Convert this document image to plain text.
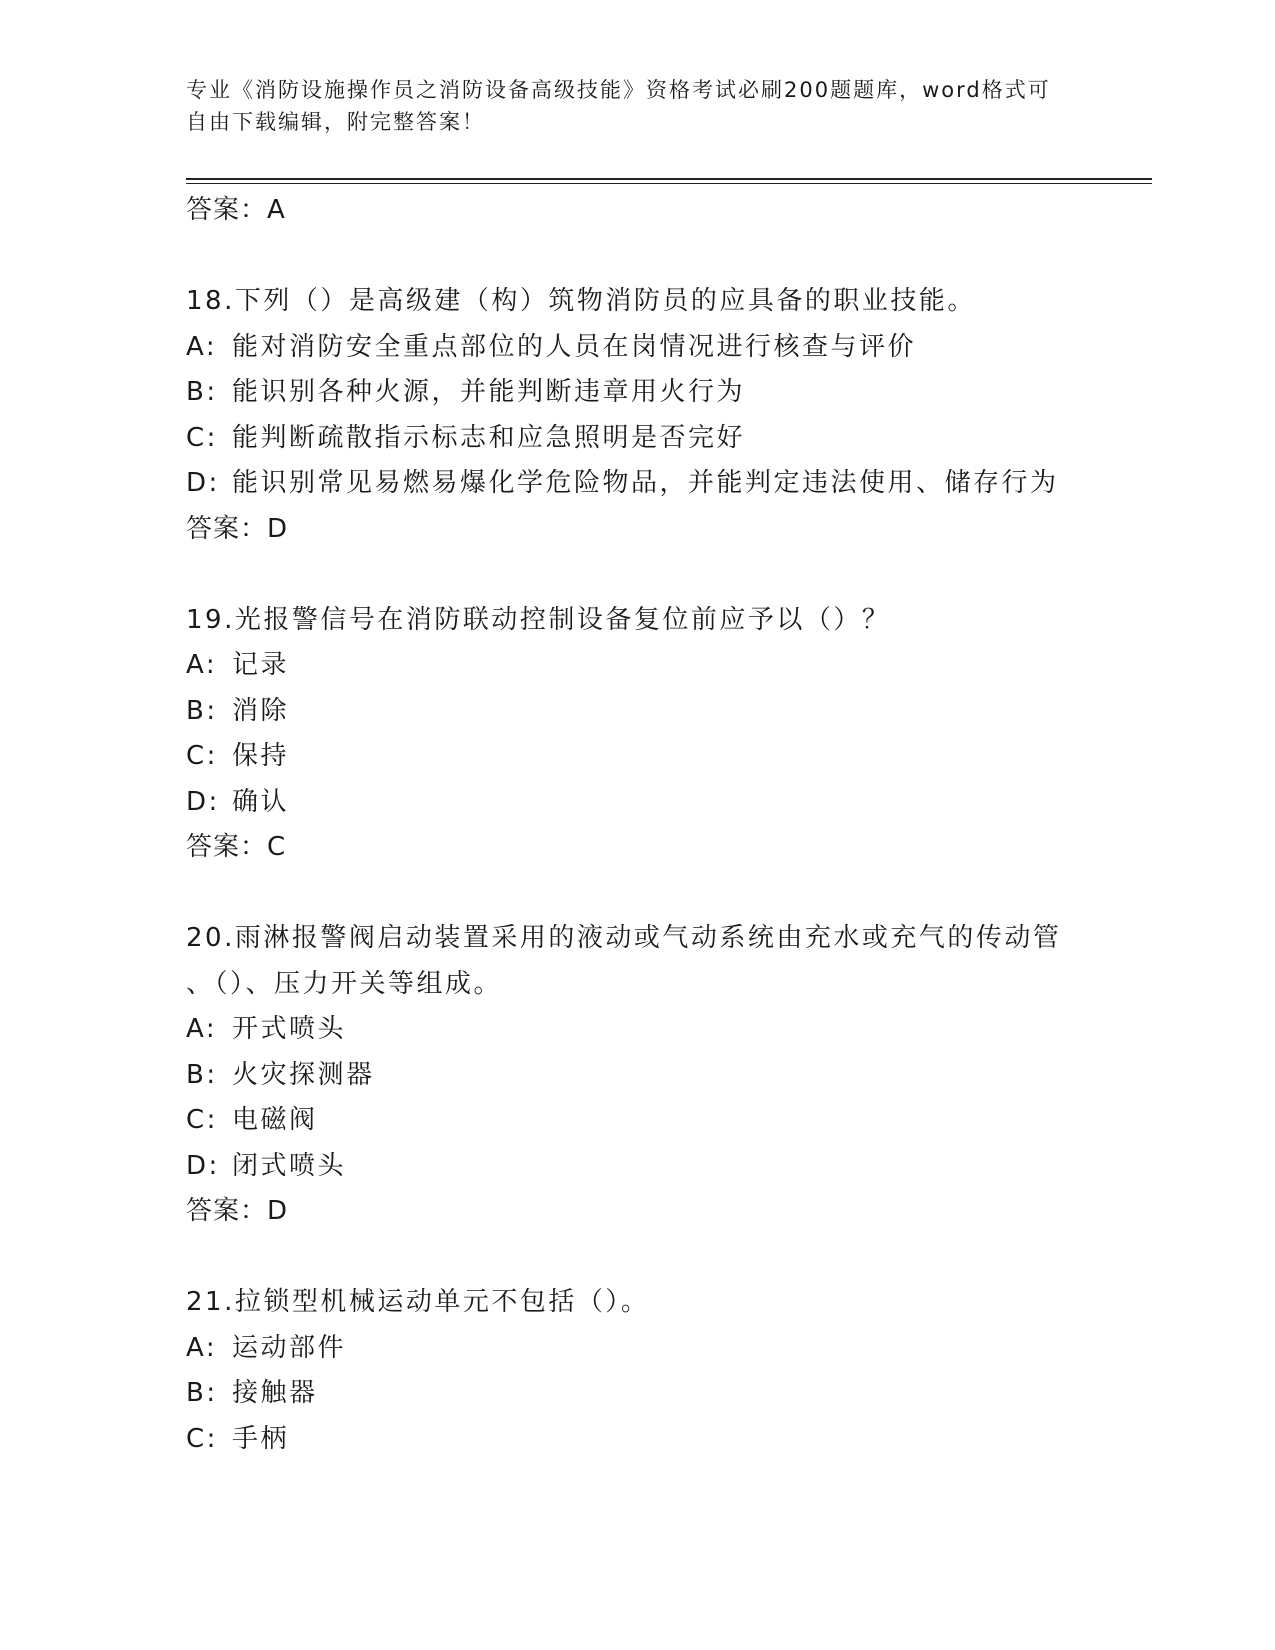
专业《消防设施操作员之消防设备高级技能》资格考试必刷200题题库，word格式可自由下载编辑，附完整答案！
答案：A
18.下列（）是高级建（构）筑物消防员的应具备的职业技能。
A: 能对消防安全重点部位的人员在岗情况进行核查与评价
B: 能识别各种火源，并能判断违章用火行为
C: 能判断疏散指示标志和应急照明是否完好
D: 能识别常见易燃易爆化学危险物品，并能判定违法使用、储存行为
答案：D
19.光报警信号在消防联动控制设备复位前应予以（）？
A: 记录
B: 消除
C: 保持
D: 确认
答案：C
20.雨淋报警阀启动装置采用的液动或气动系统由充水或充气的传动管
、（）、压力开关等组成。
A: 开式喷头
B: 火灾探测器
C: 电磁阀
D: 闭式喷头
答案：D
21.拉锁型机械运动单元不包括（）。
A: 运动部件
B: 接触器
C: 手柄
